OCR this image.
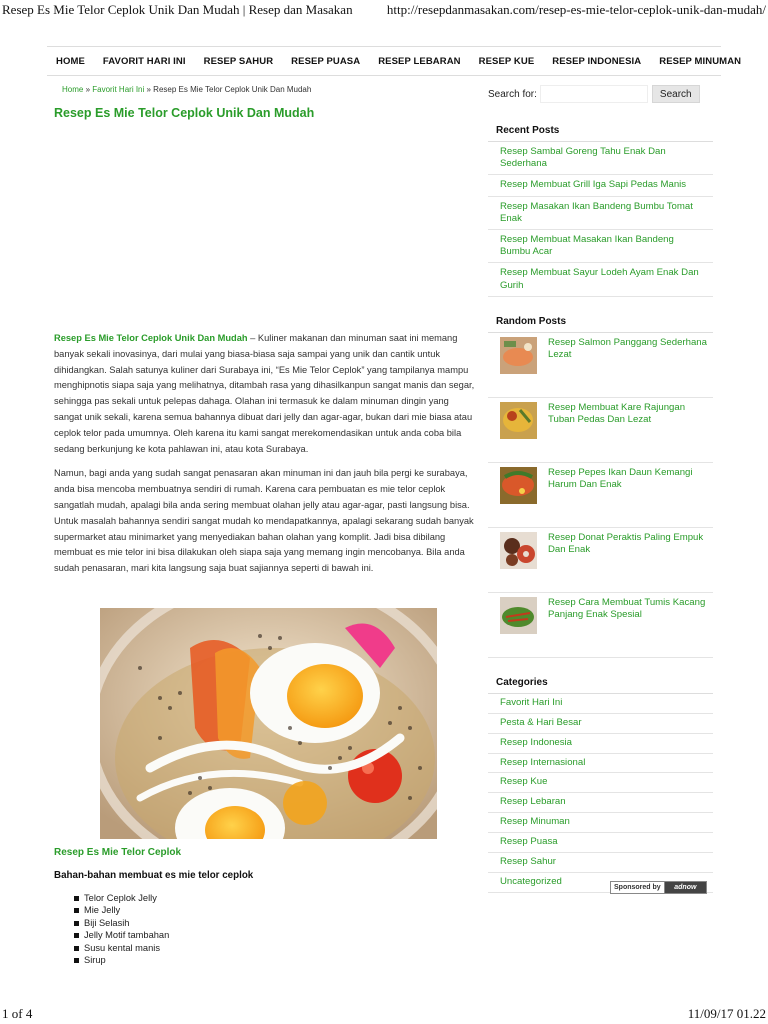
Resep Es Mie Telor Ceplok Unik Dan Mudah | Resep dan Masakan	http://resepdanmasakan.com/resep-es-mie-telor-ceplok-unik-dan-mudah/
HOME FAVORIT HARI INI RESEP SAHUR RESEP PUASA RESEP LEBARAN RESEP KUE RESEP INDONESIA RESEP MINUMAN
Home » Favorit Hari Ini » Resep Es Mie Telor Ceplok Unik Dan Mudah
Resep Es Mie Telor Ceplok Unik Dan Mudah

Resep Es Mie Telor Ceplok Unik Dan Mudah – Kuliner makanan dan minuman saat ini memang banyak sekali inovasinya, dari mulai yang biasa-biasa saja sampai yang unik dan cantik untuk dihidangkan. Salah satunya kuliner dari Surabaya ini, “Es Mie Telor Ceplok” yang tampilanya mampu menghipnotis siapa saja yang melihatnya, ditambah rasa yang dihasilkanpun sangat manis dan segar, sehingga pas sekali untuk pelepas dahaga. Olahan ini termasuk ke dalam minuman dingin yang sangat unik sekali, karena semua bahannya dibuat dari jelly dan agar-agar, bukan dari mie biasa atau ceplok telor pada umumnya. Oleh karena itu kami sangat merekomendasikan untuk anda coba bila sedang berkunjung ke kota pahlawan ini, atau kota Surabaya.

Namun, bagi anda yang sudah sangat penasaran akan minuman ini dan jauh bila pergi ke surabaya, anda bisa mencoba membuatnya sendiri di rumah. Karena cara pembuatan es mie telor ceplok sangatlah mudah, apalagi bila anda sering membuat olahan jelly atau agar-agar, pasti langsung bisa. Untuk masalah bahannya sendiri sangat mudah ko mendapatkannya, apalagi sekarang sudah banyak supermarket atau minimarket yang menyediakan bahan olahan yang komplit. Jadi bisa dibilang membuat es mie telor ini bisa dilakukan oleh siapa saja yang memang ingin mencobanya. Bila anda sudah penasaran, mari kita langsung saja buat sajiannya seperti di bawah ini.

Resep Es Mie Telor Ceplok
Bahan-bahan membuat es mie telor ceplok
Telor Ceplok Jelly
Mie Jelly
Biji Selasih
Jelly Motif tambahan
Susu kental manis
Sirup
Search for:	Search
Recent Posts
Resep Sambal Goreng Tahu Enak Dan Sederhana
Resep Membuat Grill Iga Sapi Pedas Manis
Resep Masakan Ikan Bandeng Bumbu Tomat Enak
Resep Membuat Masakan Ikan Bandeng Bumbu Acar
Resep Membuat Sayur Lodeh Ayam Enak Dan Gurih
Random Posts
Resep Salmon Panggang Sederhana Lezat
Resep Membuat Kare Rajungan Tuban Pedas Dan Lezat
Resep Pepes Ikan Daun Kemangi Harum Dan Enak
Resep Donat Peraktis Paling Empuk Dan Enak
Resep Cara Membuat Tumis Kacang Panjang Enak Spesial
Categories
Favorit Hari Ini
Pesta & Hari Besar
Resep Indonesia
Resep Internasional
Resep Kue
Resep Lebaran
Resep Minuman
Resep Puasa
Resep Sahur
Uncategorized
Sponsored by	adnow
1 of 4	11/09/17 01.22
